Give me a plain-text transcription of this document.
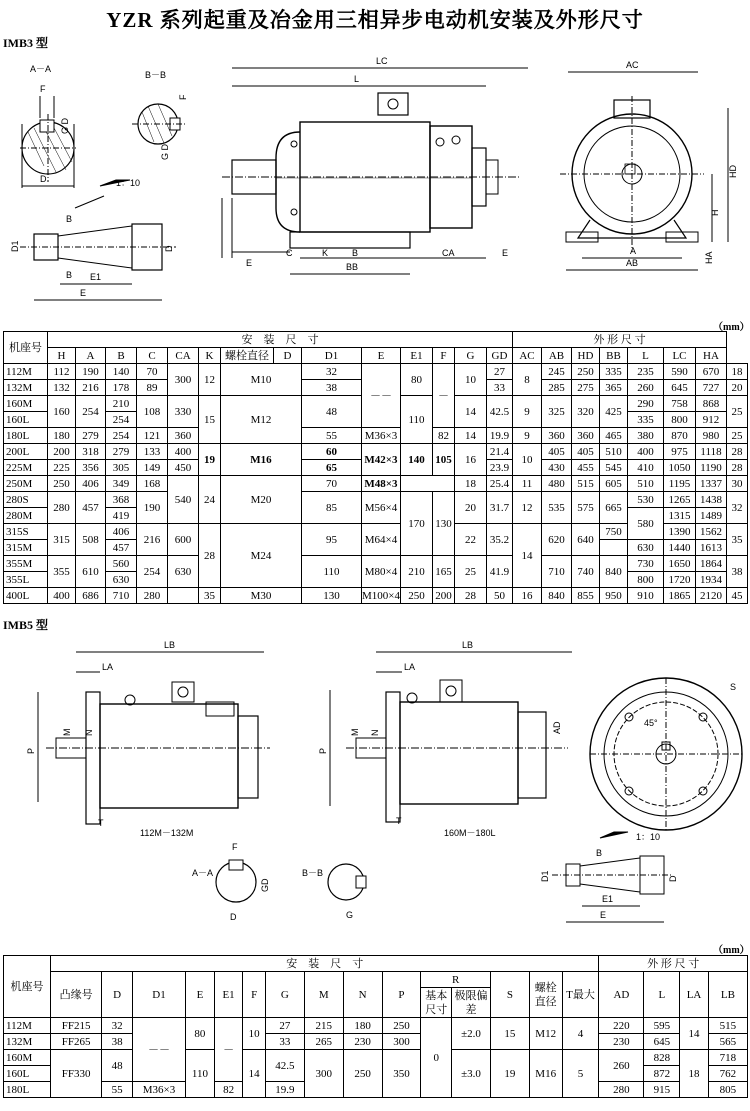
YZR 系列起重及冶金用三相异步电动机安装及外形尺寸
IMB3 型
A－A
F
G D
D
B－B
F
G D
1：10
B
B
D1	D
E1
E
LC
L
E
C	K	B	CA	E
BB
AC
HD
H
HA
A
AB
（mm）
机座号	安　装　尺　寸														外 形 尺 寸							
	H	A	B	C	CA	K	螺栓直径	D	D1	E	E1	F	G	GD	AC	AB	HD	BB	L	LC	HA	
112M	112	190	140	70	300	12	M10		32	－－	80	－	10	27	8	245	250	335	235	590	670	18
132M	132	216	178	89					38					33		285	275	365	260	645	727	20
160M	160	254	210	108	330	15	M12		48		110		14	42.5	9	325	320	425	290	758	868	25
160L			254																335	800	912	
180L	180	279	254	121	360				55	M36×3		82	14	19.9	9	360	360	465	380	870	980	25
200L	200	318	279	133	400	19	M16		60	M42×3	140	105	16	21.4	10	405	405	510	400	975	1118	28
225M	225	356	305	149	450				65					23.9		430	455	545	410	1050	1190	28
250M	250	406	349	168	540	24	M20		70	M48×3			18	25.4	11	480	515	605	510	1195	1337	30
280S	280	457	368	190					85	M56×4	170	130	20	31.7	12	535	575	665	530	1265	1438	32
280M			419																580	1315	1489	
315S	315	508	406	216	600	28	M24		95	M64×4			22	35.2	14	620	640	750		1390	1562	35
315M			457																630	1440	1613	
355M	355	610	560	254	630				110	M80×4	210	165	25	41.9		710	740	840	730	1650	1864	38
355L			630																800	1720	1934	
400L	400	686	710	280		35	M30		130	M100×4	250	200	28	50	16	840	855	950	910	1865	2120	45
IMB5 型
LB
LA
P
M N
T
112M－132M
LB
LA
P
M N	AD
T
160M－180L
45°
S
1：10
B
D1	D
E1
E
A－A
F
D
GD
B－B
G
（mm）
机座号	安　装　尺　寸															外 形 尺 寸			
	凸缘号	D	D1	E	E1	F	G	M	N	P	R		S	螺栓直径	T最大	AD	L	LA	LB
											基本尺寸	极限偏差							
112M	FF215	32	－－	80	－	10	27	215	180	250	0	±2.0	15	M12	4	220	595	14	515
132M	FF265	38					33	265	230	300						230	645		565
160M	FF330	48		110		14	42.5	300	250	350		±3.0	19	M16	5	260	828	18	718
160L																	872		762
180L		55	M36×3		82		19.9									280	915		805
